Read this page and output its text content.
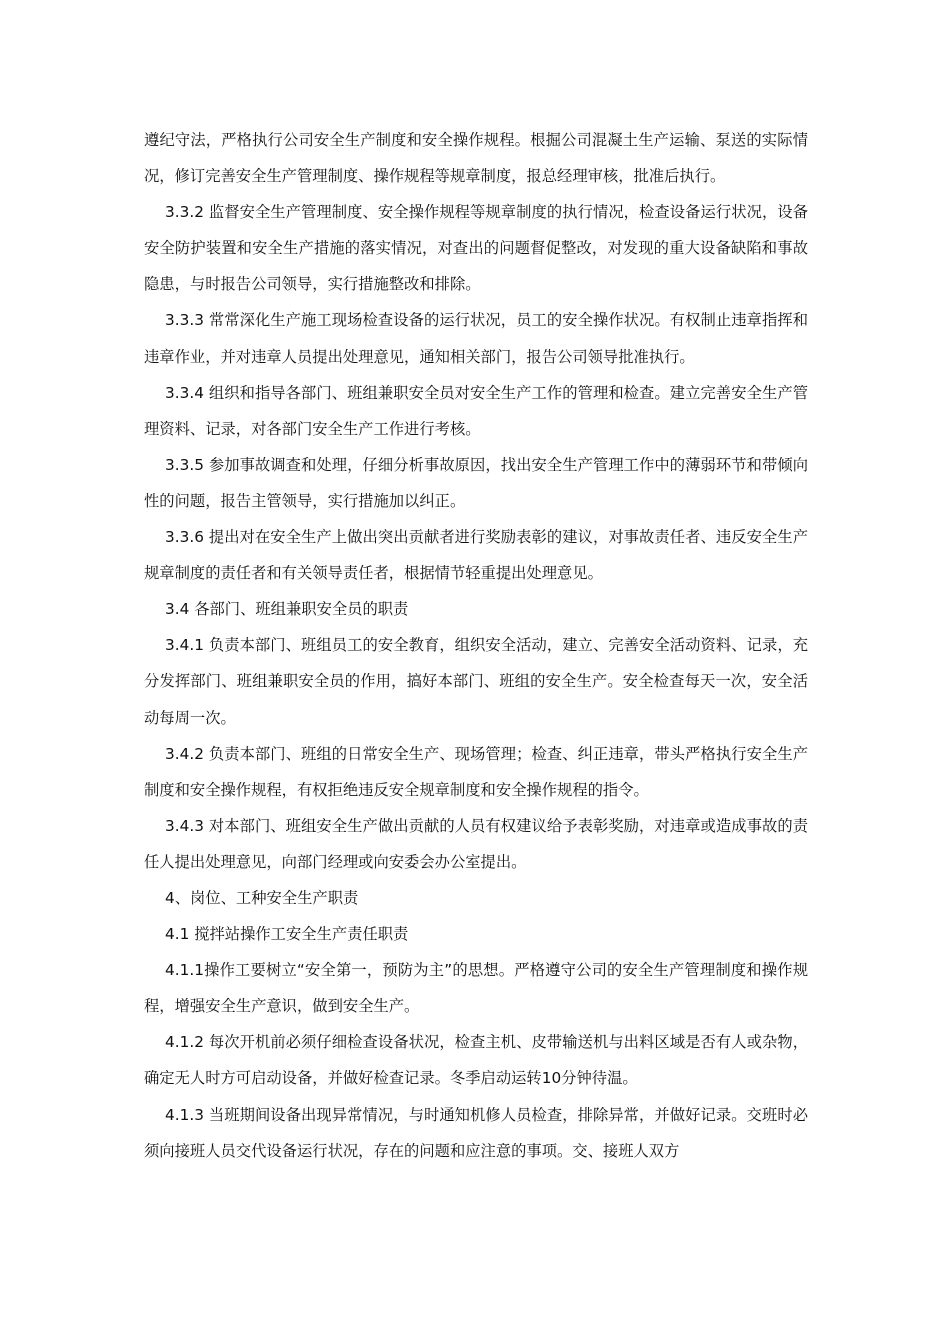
遵纪守法，严格执行公司安全生产制度和安全操作规程。根掘公司混凝土生产运输、泵送的实际情况，修订完善安全生产管理制度、操作规程等规章制度，报总经理审核，批准后执行。

3.3.2 监督安全生产管理制度、安全操作规程等规章制度的执行情况，检查设备运行状况，设备安全防护装置和安全生产措施的落实情况，对查出的问题督促整改，对发现的重大设备缺陷和事故隐患，与时报告公司领导，实行措施整改和排除。

3.3.3 常常深化生产施工现场检查设备的运行状况，员工的安全操作状况。有权制止违章指挥和违章作业，并对违章人员提出处理意见，通知相关部门，报告公司领导批准执行。

3.3.4 组织和指导各部门、班组兼职安全员对安全生产工作的管理和检查。建立完善安全生产管理资料、记录，对各部门安全生产工作进行考核。

3.3.5 参加事故调查和处理，仔细分析事故原因，找出安全生产管理工作中的薄弱环节和带倾向性的问题，报告主管领导，实行措施加以纠正。

3.3.6 提出对在安全生产上做出突出贡献者进行奖励表彰的建议，对事故责任者、违反安全生产规章制度的责任者和有关领导责任者，根据情节轻重提出处理意见。

3.4 各部门、班组兼职安全员的职责

3.4.1 负责本部门、班组员工的安全教育，组织安全活动，建立、完善安全活动资料、记录，充分发挥部门、班组兼职安全员的作用，搞好本部门、班组的安全生产。安全检查每天一次，安全活动每周一次。

3.4.2 负责本部门、班组的日常安全生产、现场管理；检查、纠正违章，带头严格执行安全生产制度和安全操作规程，有权拒绝违反安全规章制度和安全操作规程的指令。

3.4.3 对本部门、班组安全生产做出贡献的人员有权建议给予表彰奖励，对违章或造成事故的责任人提出处理意见，向部门经理或向安委会办公室提出。

4、岗位、工种安全生产职责

4.1 搅拌站操作工安全生产责任职责

4.1.1操作工要树立“安全第一，预防为主”的思想。严格遵守公司的安全生产管理制度和操作规程，增强安全生产意识，做到安全生产。

4.1.2 每次开机前必须仔细检查设备状况，检查主机、皮带输送机与出料区域是否有人或杂物，确定无人时方可启动设备，并做好检查记录。冬季启动运转10分钟待温。

4.1.3 当班期间设备出现异常情况，与时通知机修人员检查，排除异常，并做好记录。交班时必须向接班人员交代设备运行状况，存在的问题和应注意的事项。交、接班人双方
